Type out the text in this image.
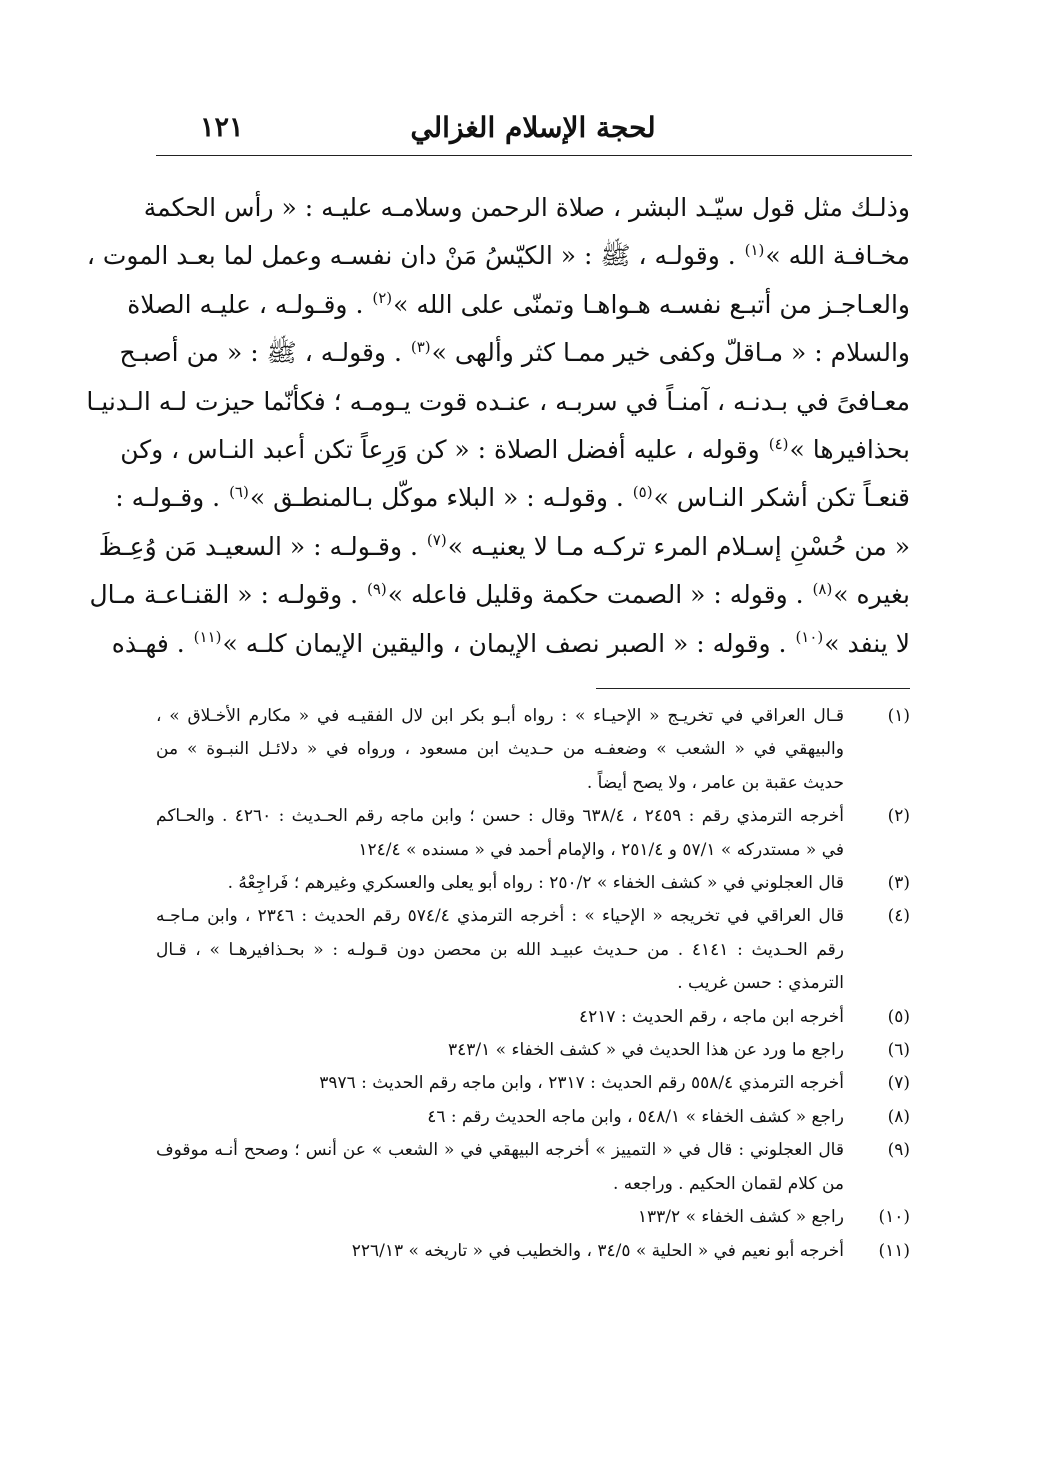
لحجة الإسلام الغزالي
١٢١
وذلـك مثل قول سيّـد البشر ، صلاة الرحمن وسلامـه عليـه : « رأس الحكمة
مخـافـة الله »$^{(١)}$ . وقولـه ، ﷺ : « الكيّسُ مَنْ دان نفسـه وعمل لما بعـد الموت ،
والعـاجـز من أتبـع نفسـه هـواهـا وتمنّى على الله »$^{(٢)}$ . وقـولـه ، عليـه الصلاة
والسلام : « مـاقلّ وكفى خير ممـا كثر وألهى »$^{(٣)}$ . وقولـه ، ﷺ : « من أصبـح
معـافىً في بـدنـه ، آمنـاً في سربـه ، عنـده قوت يـومـه ؛ فكأنّما حيزت لـه الـدنيـا
بحذافيرها »$^{(٤)}$ وقوله ، عليه أفضل الصلاة : « كن وَرِعاً تكن أعبد النـاس ، وكن
قنعـاً تكن أشكر النـاس »$^{(٥)}$ . وقولـه : « البلاء موكّل بـالمنطـق »$^{(٦)}$ . وقـولـه :
« من حُسْنِ إسـلام المرء تركـه مـا لا يعنيـه »$^{(٧)}$ . وقـولـه : « السعيـد مَن وُعِـظَ
بغيره »$^{(٨)}$ . وقوله : « الصمت حكمة وقليل فاعله »$^{(٩)}$ . وقولـه : « القنـاعـة مـال
لا ينفد »$^{(١٠)}$ . وقوله : « الصبر نصف الإيمان ، واليقين الإيمان كلـه »$^{(١١)}$ . فهـذه
(١)
قـال العراقي في تخريـج « الإحيـاء » : رواه أبـو بكر ابن لال الفقيـه في « مكارم الأخـلاق » ،
والبيهقي في « الشعب » وضعفـه من حـديث ابن مسعود ، ورواه في « دلائـل النبـوة » من
حديث عقبة بن عامر ، ولا يصح أيضاً .
(٢)
أخرجه الترمذي رقم : ٢٤٥٩ ، ٦٣٨/٤ وقال : حسن ؛ وابن ماجه رقم الحـديث : ٤٢٦٠ . والحـاكم
في « مستدركه » ٥٧/١ و ٢٥١/٤ ، والإمام أحمد في « مسنده » ١٢٤/٤
(٣)
قال العجلوني في « كشف الخفاء » ٢٥٠/٢ : رواه أبو يعلى والعسكري وغيرهم ؛ فَراجِعْهُ .
(٤)
قال العراقي في تخريجه « الإحياء » : أخرجه الترمذي ٥٧٤/٤ رقم الحديث : ٢٣٤٦ ، وابن مـاجـه
رقم الحـديث : ٤١٤١ . من حـديث عبيـد الله بن محصن دون قـولـه : « بحـذافيرهـا » ، قـال
الترمذي : حسن غريب .
(٥)
أخرجه ابن ماجه ، رقم الحديث : ٤٢١٧
(٦)
راجع ما ورد عن هذا الحديث في « كشف الخفاء » ٣٤٣/١
(٧)
أخرجه الترمذي ٥٥٨/٤ رقم الحديث : ٢٣١٧ ، وابن ماجه رقم الحديث : ٣٩٧٦
(٨)
راجع « كشف الخفاء » ٥٤٨/١ ، وابن ماجه الحديث رقم : ٤٦
(٩)
قال العجلوني : قال في « التمييز » أخرجه البيهقي في « الشعب » عن أنس ؛ وصحح أنـه موقوف
من كلام لقمان الحكيم . وراجعه .
(١٠)
راجع « كشف الخفاء » ١٣٣/٢
(١١)
أخرجه أبو نعيم في « الحلية » ٣٤/٥ ، والخطيب في « تاريخه » ٢٢٦/١٣
